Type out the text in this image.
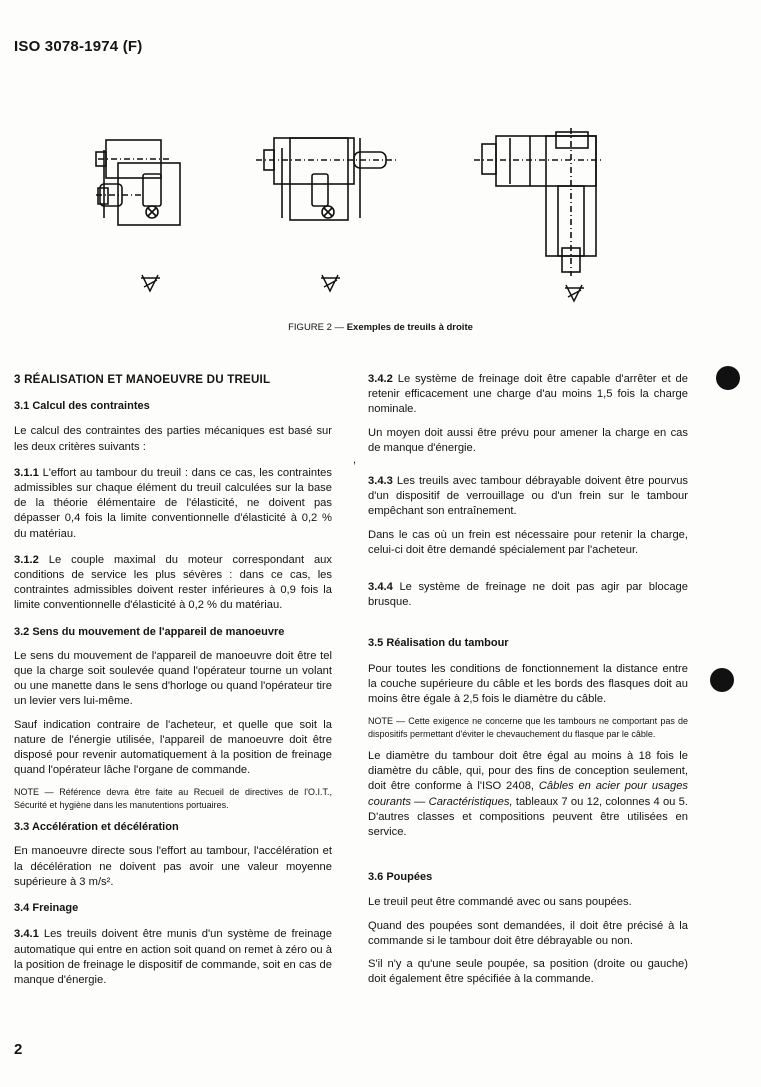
ISO 3078-1974 (F)
FIGURE 2 — Exemples de treuils à droite
3 RÉALISATION ET MANOEUVRE DU TREUIL
3.1 Calcul des contraintes

Le calcul des contraintes des parties mécaniques est basé sur les deux critères suivants :

3.1.1 L'effort au tambour du treuil : dans ce cas, les contraintes admissibles sur chaque élément du treuil calculées sur la base de la théorie élémentaire de l'élasticité, ne doivent pas dépasser 0,4 fois la limite conventionnelle d'élasticité à 0,2 % du matériau.

3.1.2 Le couple maximal du moteur correspondant aux conditions de service les plus sévères : dans ce cas, les contraintes admissibles doivent rester inférieures à 0,9 fois la limite conventionnelle d'élasticité à 0,2 % du matériau.

3.2 Sens du mouvement de l'appareil de manoeuvre

Le sens du mouvement de l'appareil de manoeuvre doit être tel que la charge soit soulevée quand l'opérateur tourne un volant ou une manette dans le sens d'horloge ou quand l'opérateur tire un levier vers lui-même.

Sauf indication contraire de l'acheteur, et quelle que soit la nature de l'énergie utilisée, l'appareil de manoeuvre doit être disposé pour revenir automatiquement à la position de freinage quand l'opérateur lâche l'organe de commande.

NOTE — Référence devra être faite au Recueil de directives de l'O.I.T., Sécurité et hygiène dans les manutentions portuaires.

3.3 Accélération et décélération

En manoeuvre directe sous l'effort au tambour, l'accélération et la décélération ne doivent pas avoir une valeur moyenne supérieure à 3 m/s².

3.4 Freinage

3.4.1 Les treuils doivent être munis d'un système de freinage automatique qui entre en action soit quand on remet à zéro ou à la position de freinage le dispositif de commande, soit en cas de manque d'énergie.

,

3.4.2 Le système de freinage doit être capable d'arrêter et de retenir efficacement une charge d'au moins 1,5 fois la charge nominale.

Un moyen doit aussi être prévu pour amener la charge en cas de manque d'énergie.

3.4.3 Les treuils avec tambour débrayable doivent être pourvus d'un dispositif de verrouillage ou d'un frein sur le tambour empêchant son entraînement.

Dans le cas où un frein est nécessaire pour retenir la charge, celui-ci doit être demandé spécialement par l'acheteur.

3.4.4 Le système de freinage ne doit pas agir par blocage brusque.

3.5 Réalisation du tambour

Pour toutes les conditions de fonctionnement la distance entre la couche supérieure du câble et les bords des flasques doit au moins être égale à 2,5 fois le diamètre du câble.

NOTE — Cette exigence ne concerne que les tambours ne comportant pas de dispositifs permettant d'éviter le chevauchement du flasque par le câble.

Le diamètre du tambour doit être égal au moins à 18 fois le diamètre du câble, qui, pour des fins de conception seulement, doit être conforme à l'ISO 2408, Câbles en acier pour usages courants — Caractéristiques, tableaux 7 ou 12, colonnes 4 ou 5. D'autres classes et compositions peuvent être utilisées en service.

3.6 Poupées

Le treuil peut être commandé avec ou sans poupées.

Quand des poupées sont demandées, il doit être précisé à la commande si le tambour doit être débrayable ou non.

S'il n'y a qu'une seule poupée, sa position (droite ou gauche) doit également être spécifiée à la commande.

2
